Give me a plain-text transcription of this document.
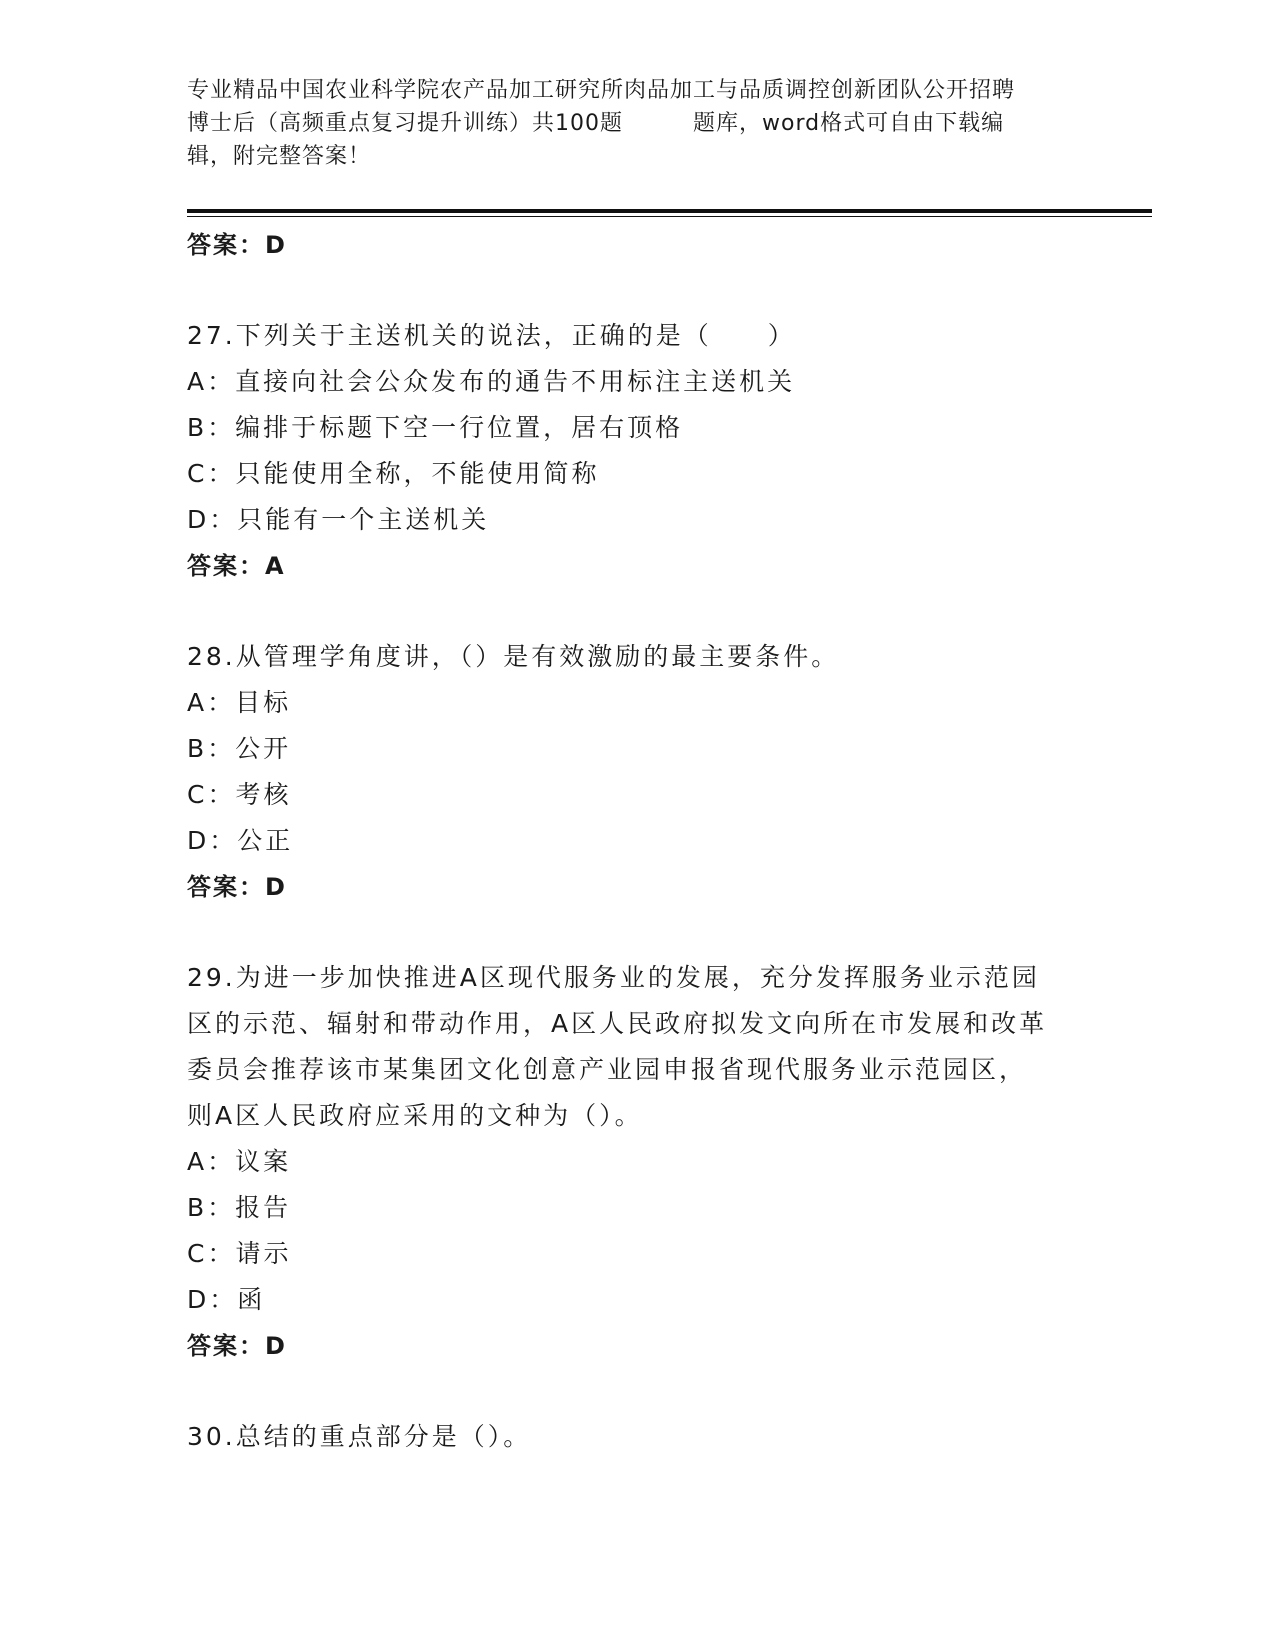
专业精品中国农业科学院农产品加工研究所肉品加工与品质调控创新团队公开招聘
博士后（高频重点复习提升训练）共100题	题库，word格式可自由下载编
辑，附完整答案！
答案：D
27.下列关于主送机关的说法，正确的是（　　）
A：直接向社会公众发布的通告不用标注主送机关
B：编排于标题下空一行位置，居右顶格
C：只能使用全称，不能使用简称
D：只能有一个主送机关
答案：A
28.从管理学角度讲，（）是有效激励的最主要条件。
A：目标
B：公开
C：考核
D：公正
答案：D
29.为进一步加快推进A区现代服务业的发展，充分发挥服务业示范园
区的示范、辐射和带动作用，A区人民政府拟发文向所在市发展和改革
委员会推荐该市某集团文化创意产业园申报省现代服务业示范园区，
则A区人民政府应采用的文种为（）。
A：议案
B：报告
C：请示
D：函
答案：D
30.总结的重点部分是（）。
